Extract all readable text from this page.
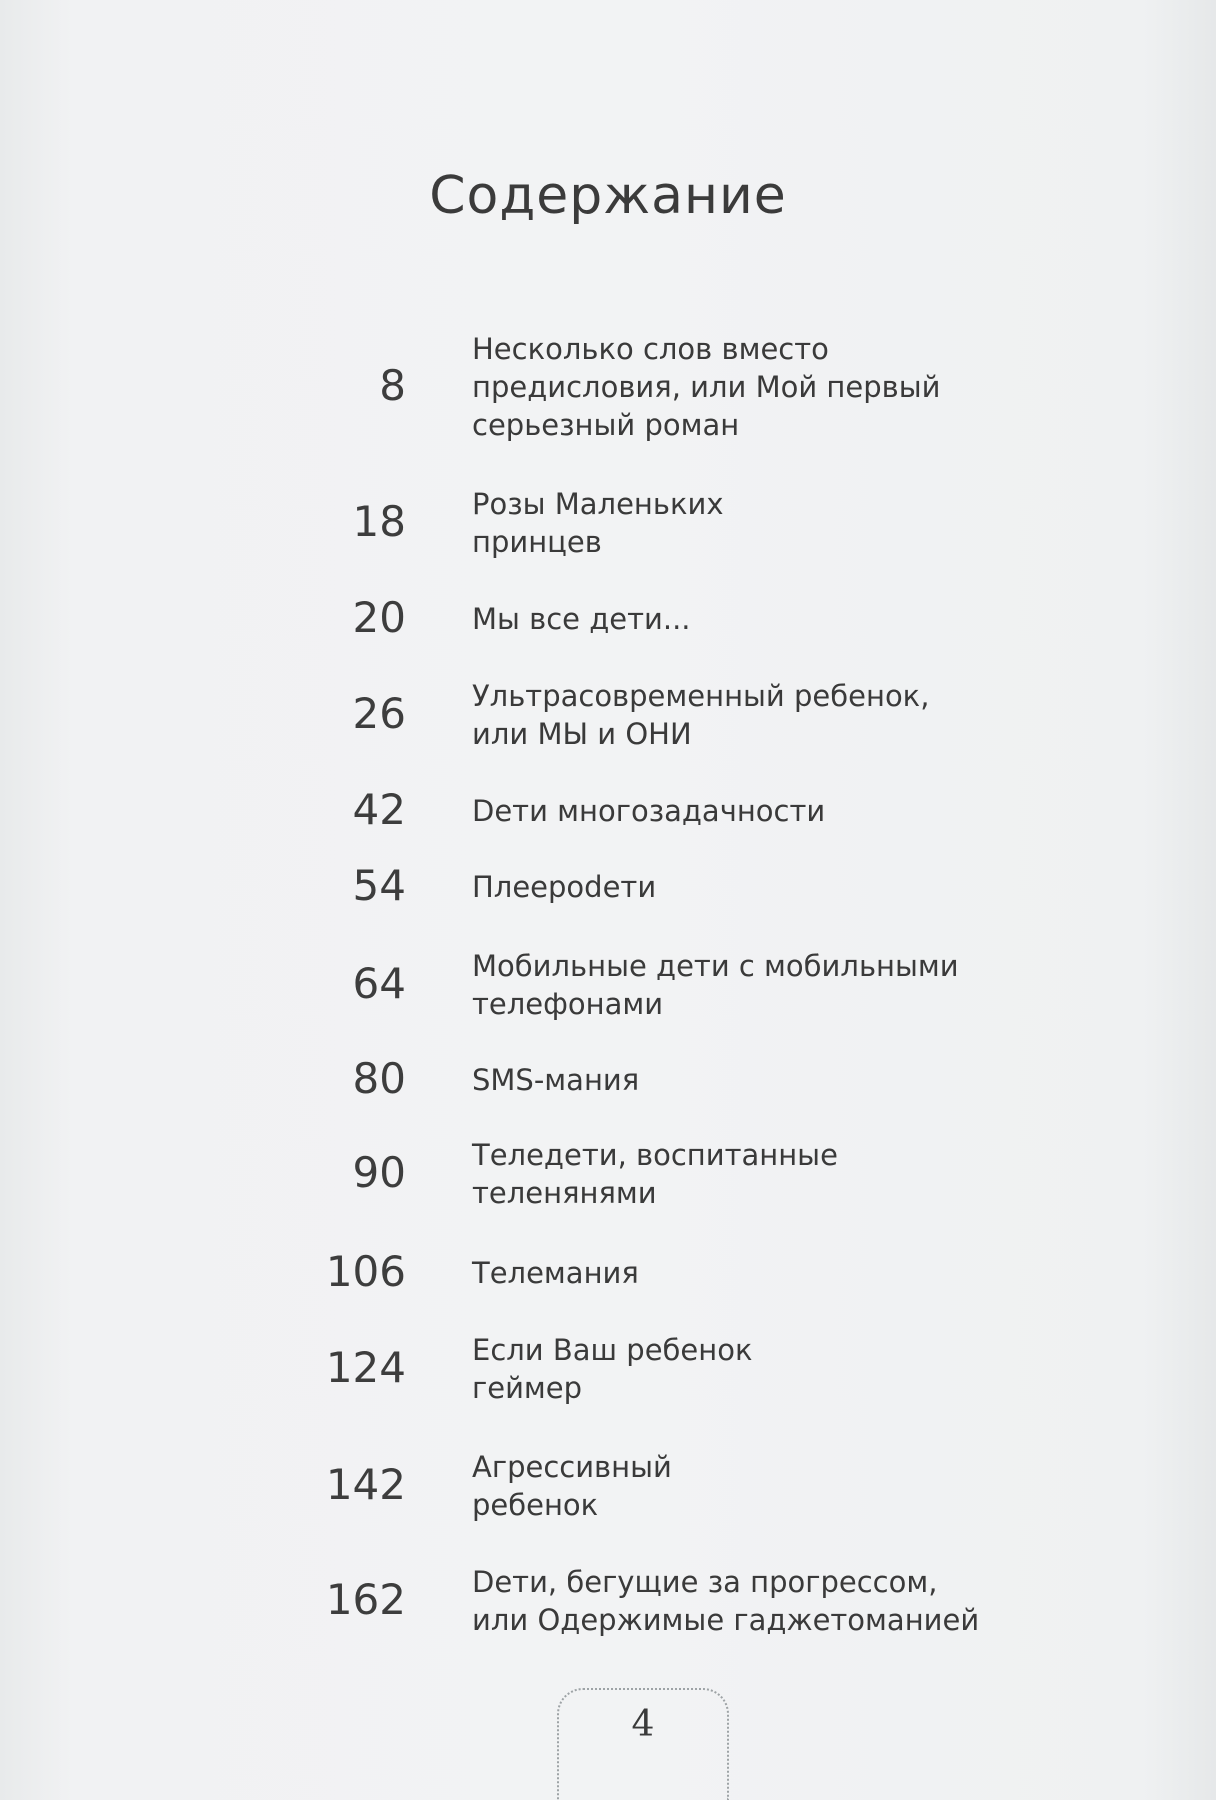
Содержание
8
Несколько слов вместо
предисловия, или Мой первый
серьезный роман
18 Розы Маленьких
принцев
20 Мы все дети...
26 Ультрасовременный ребенок,
или МЫ и ОНИ
42 Dети многозадачности
54 Плеероdети
64 Мобильные дети с мобильными
телефонами
80 SMS-мания
90 Теледети, воспитанные
теленянями
106 Телемания
124 Если Ваш ребенок
геймер
142 Агрессивный
ребенок
162 Dети, бегущие за прогрессом,
или Одержимые гаджетоманией
4
